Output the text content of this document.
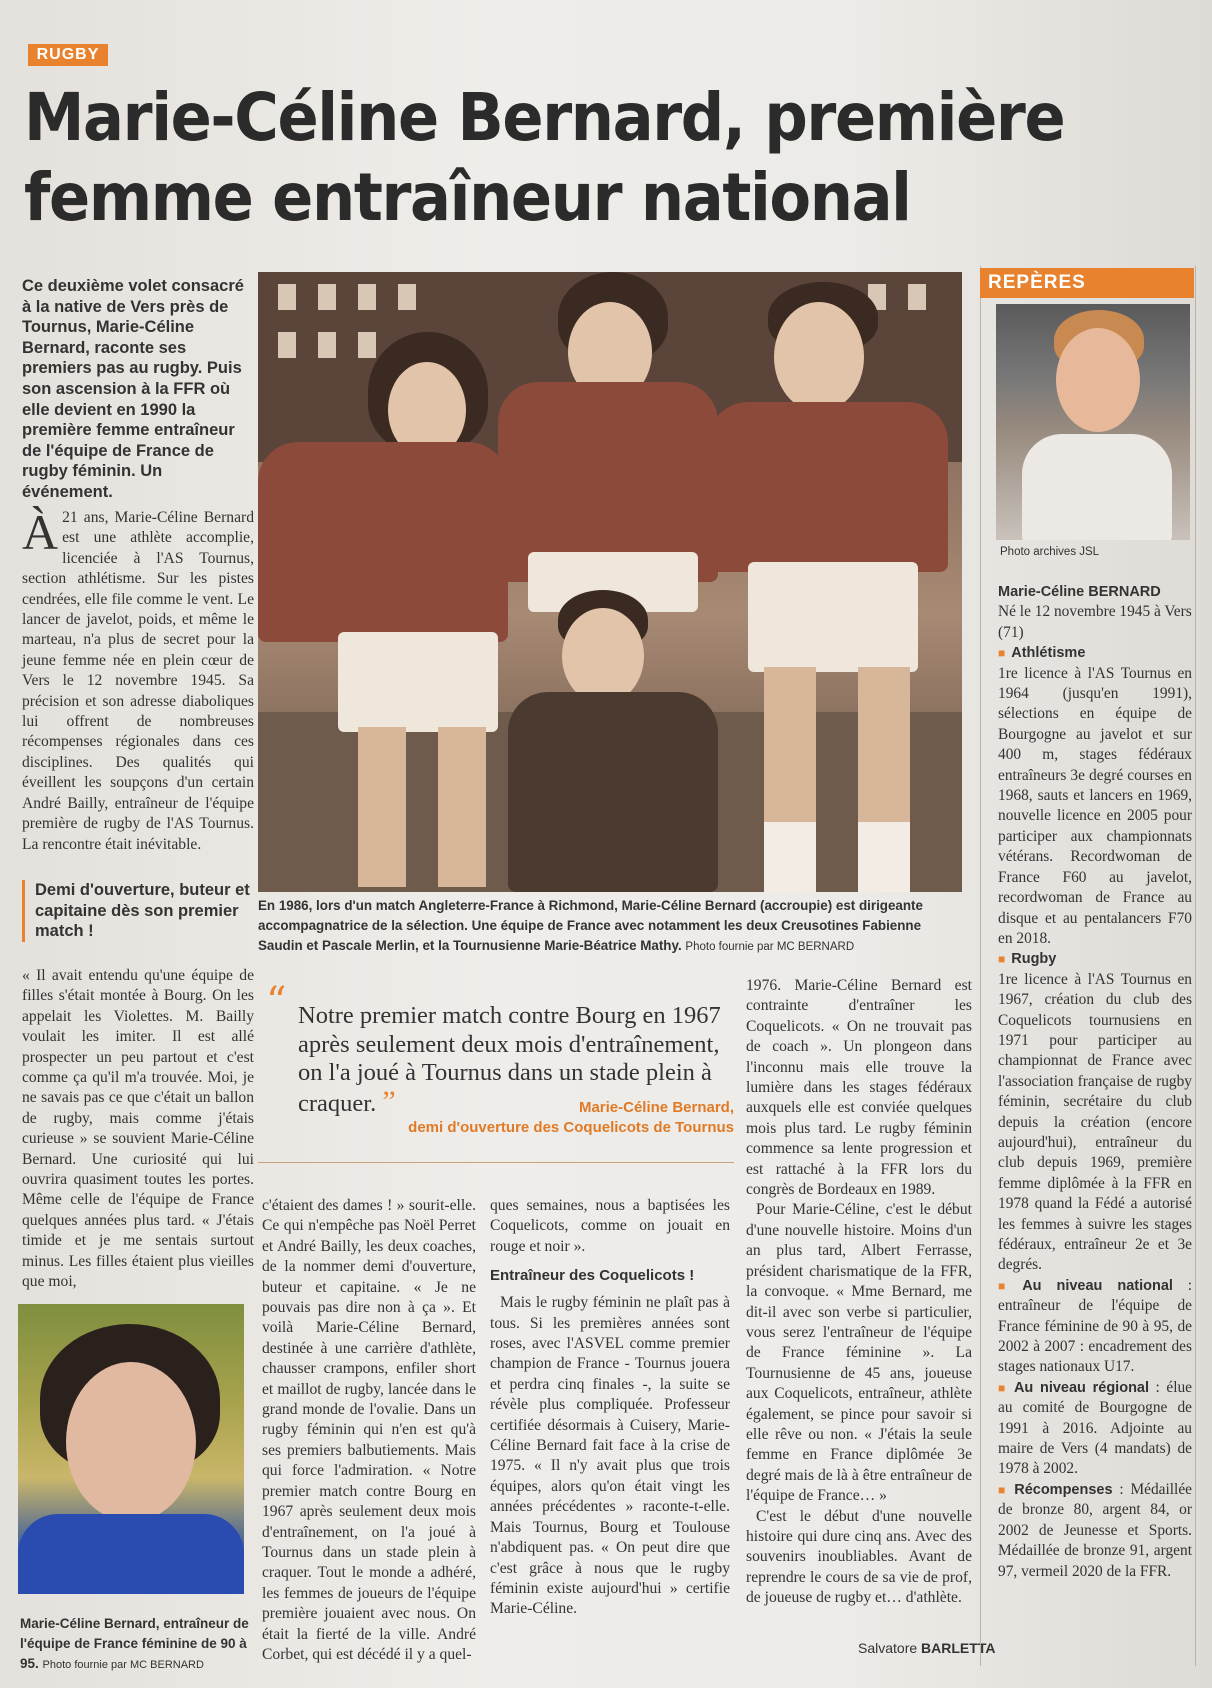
RUGBY
Marie-Céline Bernard, première
femme entraîneur national
Ce deuxième volet consacré à la native de Vers près de Tournus, Marie-Céline Bernard, raconte ses premiers pas au rugby. Puis son ascension à la FFR où elle devient en 1990 la première femme entraîneur de l'équipe de France de rugby féminin. Un événement.
À 21 ans, Marie-Céline Bernard est une athlète accomplie, licenciée à l'AS Tournus, section athlétisme. Sur les pistes cendrées, elle file comme le vent. Le lancer de javelot, poids, et même le marteau, n'a plus de secret pour la jeune femme née en plein cœur de Vers le 12 novembre 1945. Sa précision et son adresse diaboliques lui offrent de nombreuses récompenses régionales dans ces disciplines. Des qualités qui éveillent les soupçons d'un certain André Bailly, entraîneur de l'équipe première de rugby de l'AS Tournus. La rencontre était inévitable.
Demi d'ouverture, buteur et capitaine dès son premier match !
« Il avait entendu qu'une équipe de filles s'était montée à Bourg. On les appelait les Violettes. M. Bailly voulait les imiter. Il est allé prospecter un peu partout et c'est comme ça qu'il m'a trouvée. Moi, je ne savais pas ce que c'était un ballon de rugby, mais comme j'étais curieuse » se souvient Marie-Céline Bernard. Une curiosité qui lui ouvrira quasiment toutes les portes. Même celle de l'équipe de France quelques années plus tard. « J'étais timide et je me sentais surtout minus. Les filles étaient plus vieilles que moi,
En 1986, lors d'un match Angleterre-France à Richmond, Marie-Céline Bernard (accroupie) est dirigeante accompagnatrice de la sélection. Une équipe de France avec notamment les deux Creusotines Fabienne Saudin et Pascale Merlin, et la Tournusienne Marie-Béatrice Mathy. Photo fournie par MC BERNARD
“ Notre premier match contre Bourg en 1967 après seulement deux mois d'entraînement, on l'a joué à Tournus dans un stade plein à craquer. ”	Marie-Céline Bernard,
demi d'ouverture des Coquelicots de Tournus
c'étaient des dames ! » sourit-elle. Ce qui n'empêche pas Noël Perret et André Bailly, les deux coaches, de la nommer demi d'ouverture, buteur et capitaine. « Je ne pouvais pas dire non à ça ». Et voilà Marie-Céline Bernard, destinée à une carrière d'athlète, chausser crampons, enfiler short et maillot de rugby, lancée dans le grand monde de l'ovalie. Dans un rugby féminin qui n'en est qu'à ses premiers balbutiements. Mais qui force l'admiration. « Notre premier match contre Bourg en 1967 après seulement deux mois d'entraînement, on l'a joué à Tournus dans un stade plein à craquer. Tout le monde a adhéré, les femmes de joueurs de l'équipe première jouaient avec nous. On était la fierté de la ville. André Corbet, qui est décédé il y a quel-

ques semaines, nous a baptisées les Coquelicots, comme on jouait en rouge et noir ».

Entraîneur des Coquelicots !

Mais le rugby féminin ne plaît pas à tous. Si les premières années sont roses, avec l'ASVEL comme premier champion de France - Tournus jouera et perdra cinq finales -, la suite se révèle plus compliquée. Professeur certifiée désormais à Cuisery, Marie-Céline Bernard fait face à la crise de 1975. « Il n'y avait plus que trois équipes, alors qu'on était vingt les années précédentes » raconte-t-elle. Mais Tournus, Bourg et Toulouse n'abdiquent pas. « On peut dire que c'est grâce à nous que le rugby féminin existe aujourd'hui » certifie Marie-Céline.

1976. Marie-Céline Bernard est contrainte d'entraîner les Coquelicots. « On ne trouvait pas de coach ». Un plongeon dans l'inconnu mais elle trouve la lumière dans les stages fédéraux auxquels elle est conviée quelques mois plus tard. Le rugby féminin commence sa lente progression et est rattaché à la FFR lors du congrès de Bordeaux en 1989.

Pour Marie-Céline, c'est le début d'une nouvelle histoire. Moins d'un an plus tard, Albert Ferrasse, président charismatique de la FFR, la convoque. « Mme Bernard, me dit-il avec son verbe si particulier, vous serez l'entraîneur de l'équipe de France féminine ». La Tournusienne de 45 ans, joueuse aux Coquelicots, entraîneur, athlète également, se pince pour savoir si elle rêve ou non. « J'étais la seule femme en France diplômée 3e degré mais de là à être entraîneur de l'équipe de France… »

C'est le début d'une nouvelle histoire qui dure cinq ans. Avec des souvenirs inoubliables. Avant de reprendre le cours de sa vie de prof, de joueuse de rugby et… d'athlète.

Salvatore BARLETTA
Marie-Céline Bernard, entraîneur de l'équipe de France féminine de 90 à 95. Photo fournie par MC BERNARD
REPÈRES
Photo archives JSL

Marie-Céline BERNARD

Né le 12 novembre 1945 à Vers (71)

■ Athlétisme

1re licence à l'AS Tournus en 1964 (jusqu'en 1991), sélections en équipe de Bourgogne au javelot et sur 400 m, stages fédéraux entraîneurs 3e degré courses en 1968, sauts et lancers en 1969, nouvelle licence en 2005 pour participer aux championnats vétérans. Recordwoman de France F60 au javelot, recordwoman de France au disque et au pentalancers F70 en 2018.

■ Rugby

1re licence à l'AS Tournus en 1967, création du club des Coquelicots tournusiens en 1971 pour participer au championnat de France avec l'association française de rugby féminin, secrétaire du club depuis la création (encore aujourd'hui), entraîneur du club depuis 1969, première femme diplômée à la FFR en 1978 quand la Fédé a autorisé les femmes à suivre les stages fédéraux, entraîneur 2e et 3e degrés.

■ Au niveau national : entraîneur de l'équipe de France féminine de 90 à 95, de 2002 à 2007 : encadrement des stages nationaux U17.

■ Au niveau régional : élue au comité de Bourgogne de 1991 à 2016. Adjointe au maire de Vers (4 mandats) de 1978 à 2002.

■ Récompenses : Médaillée de bronze 80, argent 84, or 2002 de Jeunesse et Sports. Médaillée de bronze 91, argent 97, vermeil 2020 de la FFR.
